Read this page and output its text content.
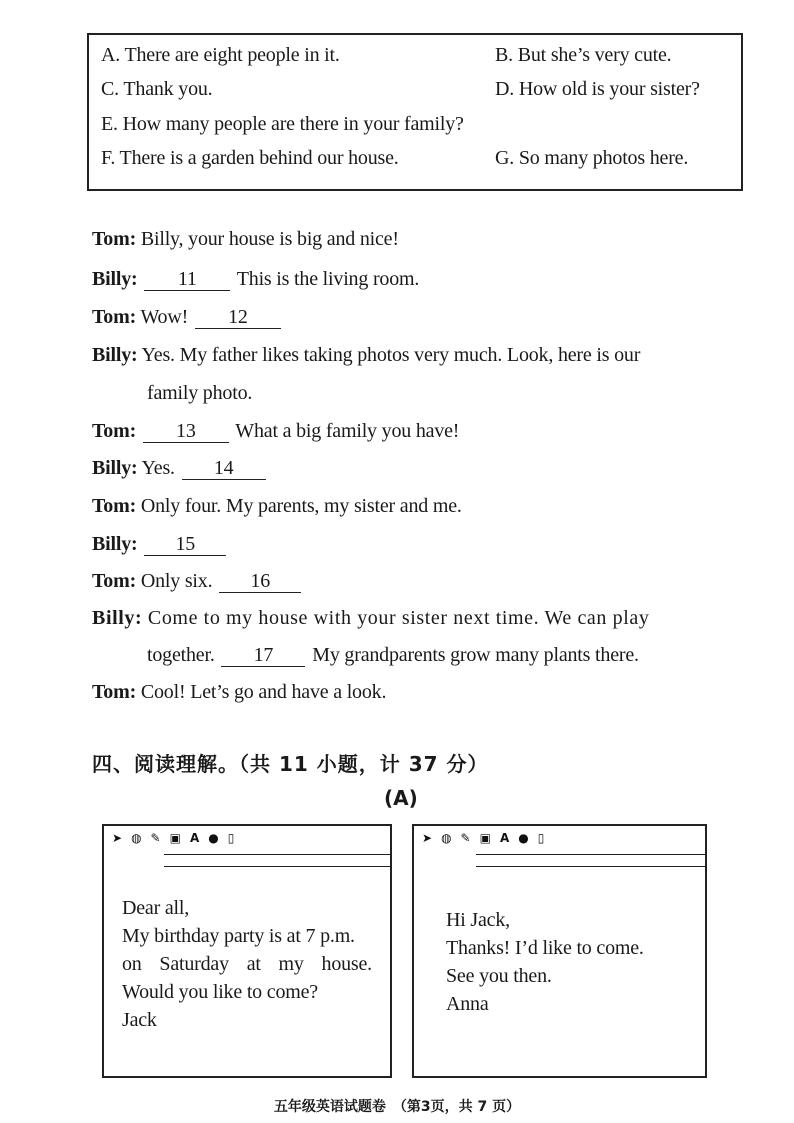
A. There are eight people in it.	B. But she’s very cute.
C. Thank you.	D. How old is your sister?
E. How many people are there in your family?
F. There is a garden behind our house.	G. So many photos here.
Tom: Billy, your house is big and nice!
Billy: 11 This is the living room.
Tom: Wow! 12
Billy: Yes. My father likes taking photos very much. Look, here is our
family photo.
Tom: 13 What a big family you have!
Billy: Yes. 14
Tom: Only four. My parents, my sister and me.
Billy: 15
Tom: Only six. 16
Billy: Come to my house with your sister next time. We can play
together. 17 My grandparents grow many plants there.
Tom: Cool! Let’s go and have a look.
四、阅读理解。（共 11 小题，计 37 分）
(A)
➤ ◍ ✎ ▣ A ● ▯
Dear all,
My birthday party is at 7 p.m.
on Saturday at my house.
Would you like to come?
Jack
➤ ◍ ✎ ▣ A ● ▯
Hi Jack,
Thanks! I’d like to come.
See you then.
Anna
五年级英语试题卷　（第3页，共 7 页）
